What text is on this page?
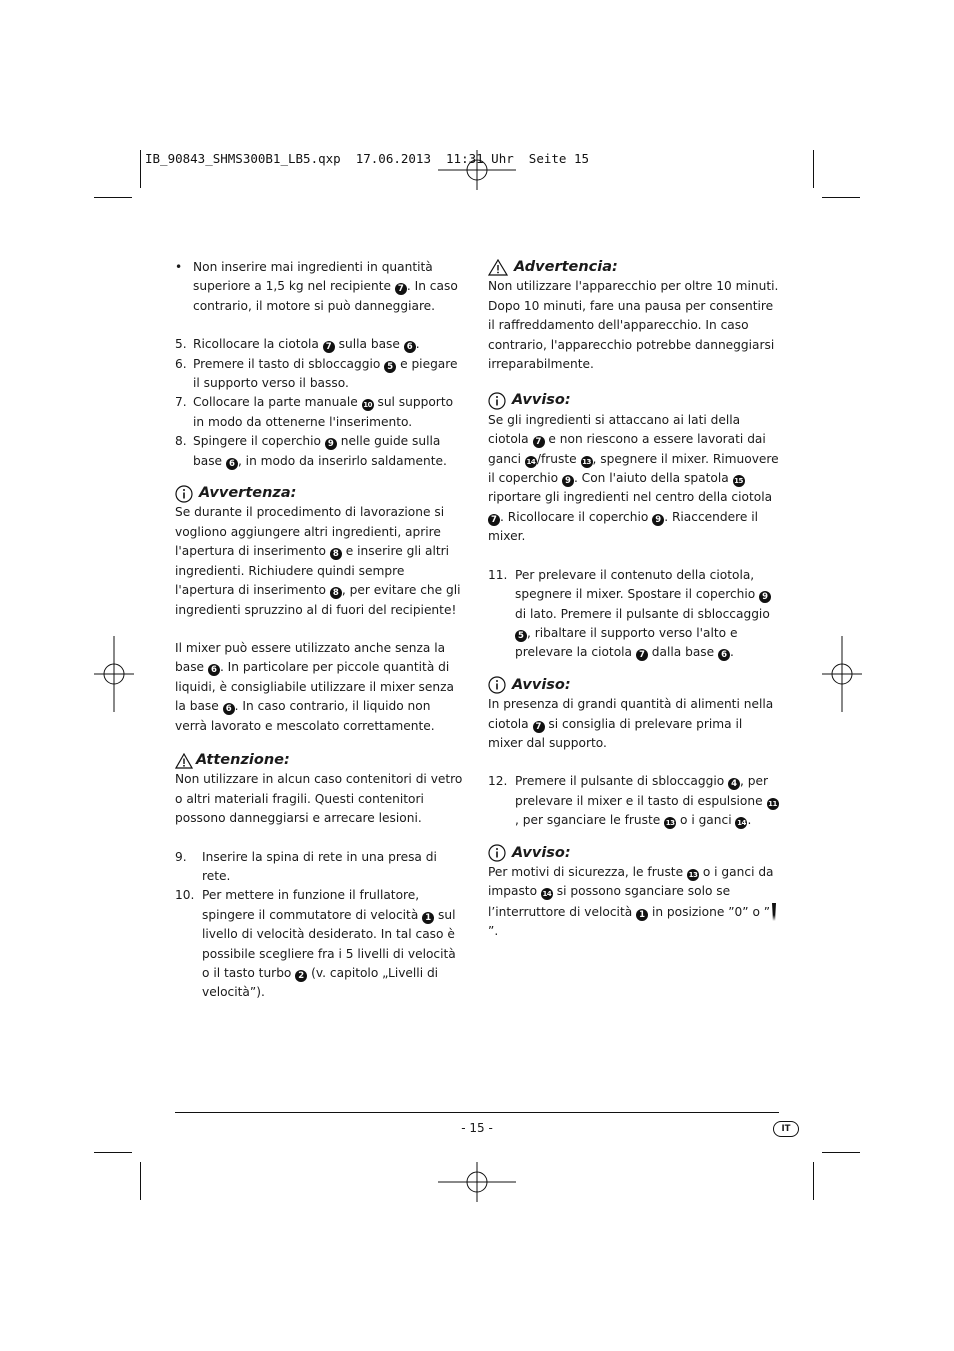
IB_90843_SHMS300B1_LB5.qxp  17.06.2013  11:31 Uhr  Seite 15
• Non inserire mai ingredienti in quantità superiore a 1,5 kg nel recipiente 7 . In caso contrario, il motore si può danneggiare.
5. Ricollocare la ciotola 7 sulla base 6 .
6. Premere il tasto di sbloccaggio 5 e piegare il supporto verso il basso.
7. Collocare la parte manuale 10 sul supporto in modo da ottenerne l'inserimento.
8. Spingere il coperchio 9 nelle guide sulla base 6 , in modo da inserirlo saldamente.
Avvertenza:
Se durante il procedimento di lavorazione si vogliono aggiungere altri ingredienti, aprire l'apertura di inserimento 8 e inserire gli altri ingredienti. Richiudere quindi sempre l'apertura di inserimento 8 , per evitare che gli ingredienti spruzzino al di fuori del recipiente!
Il mixer può essere utilizzato anche senza la base 6 . In particolare per piccole quantità di liquidi, è consigliabile utilizzare il mixer senza la base 6 . In caso contrario, il liquido non verrà lavorato e mescolato correttamente.
Attenzione:
Non utilizzare in alcun caso contenitori di vetro o altri materiali fragili. Questi contenitori possono danneggiarsi e arrecare lesioni.
9.	Inserire la spina di rete in una presa di rete.
10. Per mettere in funzione il frullatore, spingere il commutatore di velocità 1 sul livello di velocità desiderato. In tal caso è possibile scegliere fra i 5 livelli di velocità o il tasto turbo 2 (v. capitolo „Livelli di velocità”).
Advertencia:
Non utilizzare l'apparecchio per oltre 10 minuti. Dopo 10 minuti, fare una pausa per consentire il raffreddamento dell'apparecchio. In caso contrario, l'apparecchio potrebbe danneggiarsi irreparabilmente.
Avviso:
Se gli ingredienti si attaccano ai lati della ciotola 7 e non riescono a essere lavorati dai ganci 14 /fruste 13 , spegnere il mixer. Rimuovere il coperchio 9 . Con l'aiuto della spatola 15 riportare gli ingredienti nel centro della ciotola 7 . Ricollocare il coperchio 9 . Riaccendere il mixer.
11. Per prelevare il contenuto della ciotola, spegnere il mixer. Spostare il coperchio 9 di lato. Premere il pulsante di sbloccaggio 5 , ribaltare il supporto verso l'alto e prelevare la ciotola 7 dalla base 6 .
Avviso:
In presenza di grandi quantità di alimenti nella ciotola 7 si consiglia di prelevare prima il mixer dal supporto.
12. Premere il pulsante di sbloccaggio 4 , per prelevare il mixer e il tasto di espulsione 11, per sganciare le fruste 13 o i ganci 14 .
Avviso:
Per motivi di sicurezza, le fruste 13 o i ganci da impasto 14 si possono sganciare solo se l’interruttore di velocità 1 in posizione ”0” o ””.
- 15 -	IT
